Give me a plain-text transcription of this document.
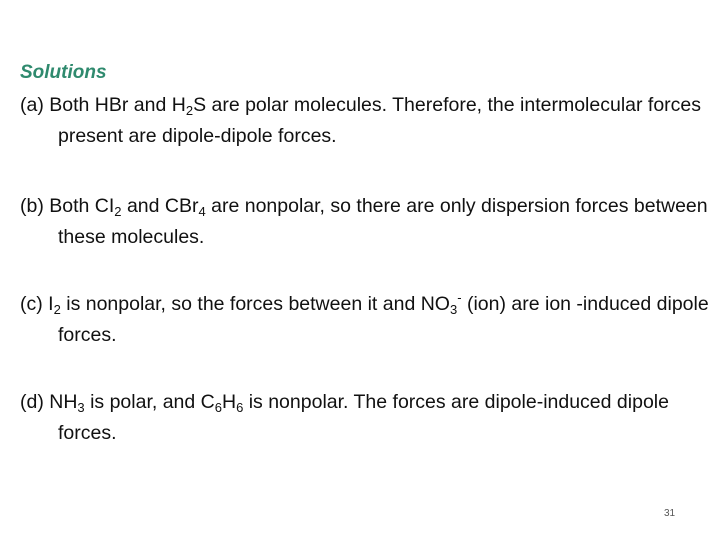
Solutions
(a) Both HBr and $H_2S$ are polar molecules. Therefore, the intermolecular forces present are dipole-dipole forces.
(b) Both $CI_2$ and CBr$_4$ are nonpolar, so there are only dispersion forces between these molecules.
(c) $I_2$ is nonpolar, so the forces between it and $NO_3^-$ (ion) are ion -induced dipole forces.
(d) $NH_3$ is polar, and $C_6H_6$ is nonpolar. The forces are dipole-induced dipole forces.
31
